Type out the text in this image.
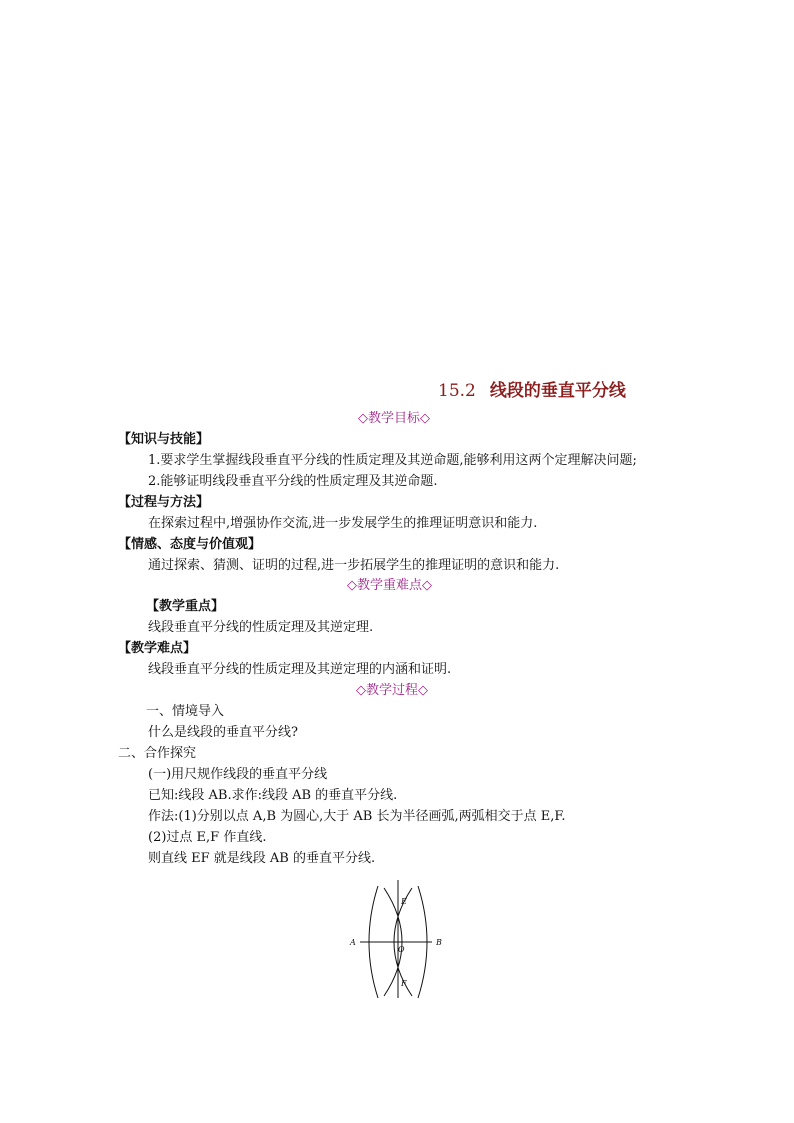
15.2 线段的垂直平分线
◇教学目标◇
【知识与技能】
1.要求学生掌握线段垂直平分线的性质定理及其逆命题,能够利用这两个定理解决问题;
2.能够证明线段垂直平分线的性质定理及其逆命题.
【过程与方法】
在探索过程中,增强协作交流,进一步发展学生的推理证明意识和能力.
【情感、态度与价值观】
通过探索、猜测、证明的过程,进一步拓展学生的推理证明的意识和能力.
◇教学重难点◇
【教学重点】
线段垂直平分线的性质定理及其逆定理.
【教学难点】
线段垂直平分线的性质定理及其逆定理的内涵和证明.
◇教学过程◇
一、情境导入
什么是线段的垂直平分线?
二、合作探究
(一)用尺规作线段的垂直平分线
已知:线段 AB.求作:线段 AB 的垂直平分线.
作法:(1)分别以点 A,B 为圆心,大于 AB 长为半径画弧,两弧相交于点 E,F.
(2)过点 E,F 作直线.
则直线 EF 就是线段 AB 的垂直平分线.
A	B
E
F
O
